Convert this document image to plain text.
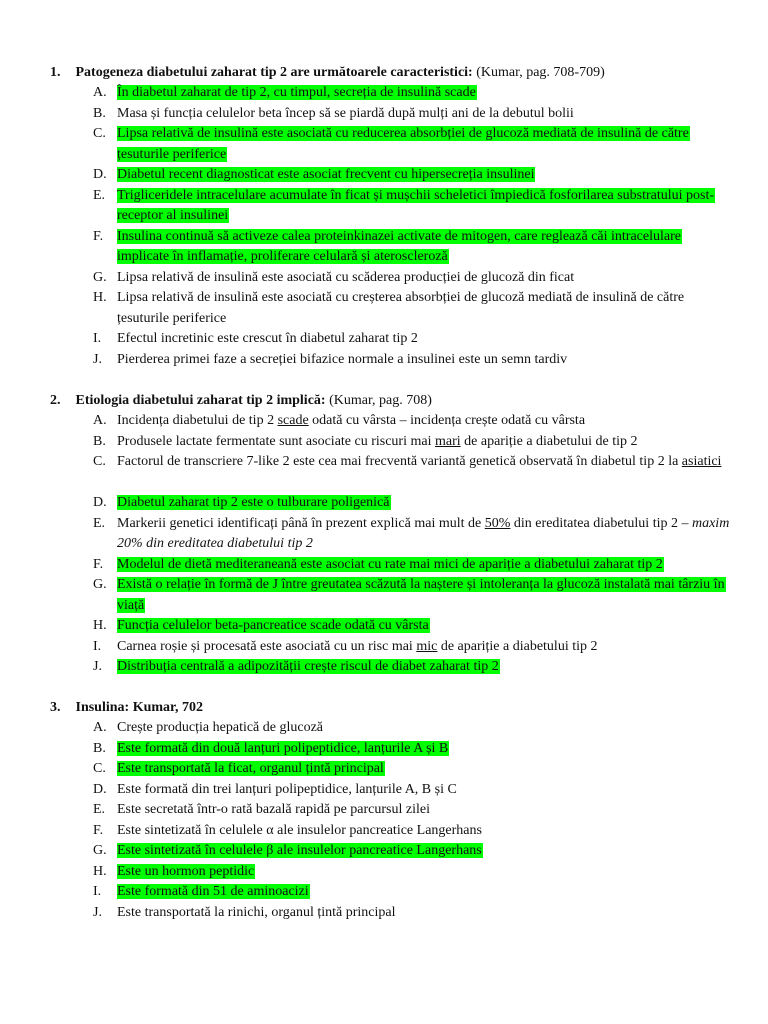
1. Patogeneza diabetului zaharat tip 2 are următoarele caracteristici: (Kumar, pag. 708-709)
A. În diabetul zaharat de tip 2, cu timpul, secreția de insulină scade
B. Masa și funcția celulelor beta încep să se piardă după mulți ani de la debutul bolii
C. Lipsa relativă de insulină este asociată cu reducerea absorbției de glucoză mediată de insulină de către țesuturile periferice
D. Diabetul recent diagnosticat este asociat frecvent cu hipersecreția insulinei
E. Trigliceridele intracelulare acumulate în ficat și mușchii scheletici împiedică fosforilarea substratului post-receptor al insulinei
F. Insulina continuă să activeze calea proteinkinazei activate de mitogen, care reglează căi intracelulare implicate în inflamație, proliferare celulară și ateroscleroză
G. Lipsa relativă de insulină este asociată cu scăderea producției de glucoză din ficat
H. Lipsa relativă de insulină este asociată cu creșterea absorbției de glucoză mediată de insulină de către țesuturile periferice
I. Efectul incretinic este crescut în diabetul zaharat tip 2
J. Pierderea primei faze a secreției bifazice normale a insulinei este un semn tardiv
2. Etiologia diabetului zaharat tip 2 implică: (Kumar, pag. 708)
A. Incidența diabetului de tip 2 scade odată cu vârsta – incidența crește odată cu vârsta
B. Produsele lactate fermentate sunt asociate cu riscuri mai mari de apariție a diabetului de tip 2
C. Factorul de transcriere 7-like 2 este cea mai frecventă variantă genetică observată în diabetul tip 2 la asiatici
D. Diabetul zaharat tip 2 este o tulburare poligenică
E. Markerii genetici identificați până în prezent explică mai mult de 50% din ereditatea diabetului tip 2 – maxim 20% din ereditatea diabetului tip 2
F. Modelul de dietă mediteraneană este asociat cu rate mai mici de apariție a diabetului zaharat tip 2
G. Există o relație în formă de J între greutatea scăzută la naștere și intoleranța la glucoză instalată mai târziu în viață
H. Funcția celulelor beta-pancreatice scade odată cu vârsta
I. Carnea roșie și procesată este asociată cu un risc mai mic de apariție a diabetului tip 2
J. Distribuția centrală a adipozității crește riscul de diabet zaharat tip 2
3. Insulina: Kumar, 702
A. Crește producția hepatică de glucoză
B. Este formată din două lanțuri polipeptidice, lanțurile A și B
C. Este transportată la ficat, organul țintă principal
D. Este formată din trei lanțuri polipeptidice, lanțurile A, B și C
E. Este secretată într-o rată bazală rapidă pe parcursul zilei
F. Este sintetizată în celulele α ale insulelor pancreatice Langerhans
G. Este sintetizată în celulele β ale insulelor pancreatice Langerhans
H. Este un hormon peptidic
I. Este formată din 51 de aminoacizi
J. Este transportată la rinichi, organul țintă principal
